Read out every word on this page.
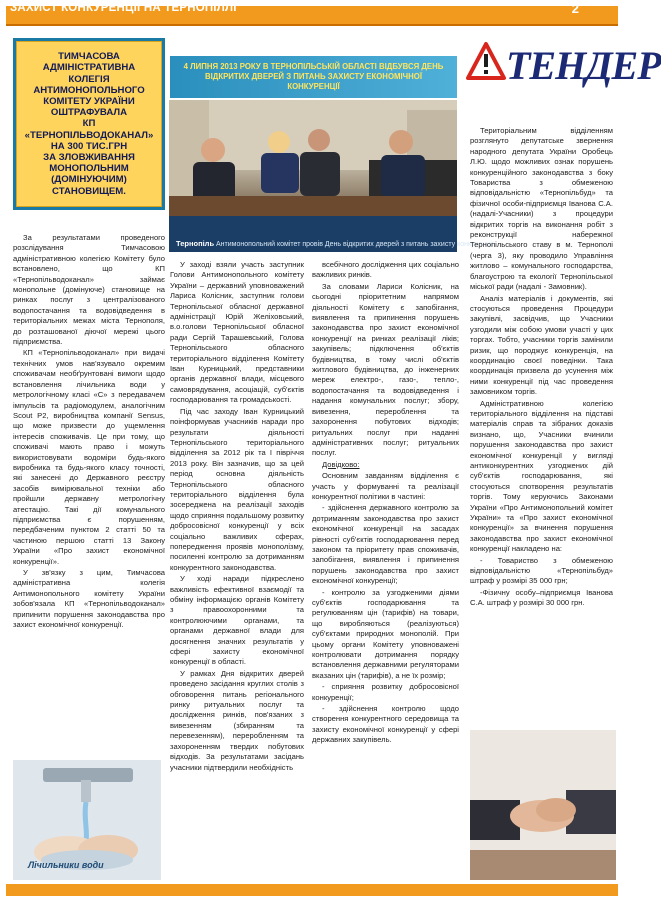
ЗАХИСТ КОНКУРЕНЦІЇ НА ТЕРНОПІЛЛІ	2
ТИМЧАСОВА
АДМІНІСТРАТИВНА КОЛЕГІЯ
АНТИМОНОПОЛЬНОГО
КОМІТЕТУ УКРАЇНИ
ОШТРАФУВАЛА
КП «ТЕРНОПІЛЬВОДОКАНАЛ»
НА 300 ТИС.ГРН
ЗА ЗЛОВЖИВАННЯ
МОНОПОЛЬНИМ
(ДОМІНУЮЧИМ)
СТАНОВИЩЕМ.

За результатами проведеного розслідування Тимчасовою адміністративною колегією Комітету було встановлено, що КП «Тернопільводоканал» займає монопольне (домінуюче) становище на ринках послуг з централізованого водопостачання та водовідведення в територіальних межах міста Тернополя, до розташованої діючої мережі цього підприємства.

КП «Тернопільводоканал» при видачі технічних умов нав'язувало окремим споживачам необґрунтовані вимоги щодо встановлення лічильника води у метрологічному класі «С» з передавачем імпульсів та радіомодулем, аналогічним Scout P2, виробництва компанії Sensus, що може призвести до ущемлення інтересів споживачів. Це при тому, що споживачі мають право і можуть використовувати водоміри будь-якого виробника та будь-якого класу точності, які занесені до Державного реєстру засобів вимірювальної техніки або пройшли державну метрологічну атестацію. Такі дії комунального підприємства є порушенням, передбаченим пунктом 2 статті 50 та частиною першою статті 13 Закону України «Про захист економічної конкуренції».

У зв'язку з цим, Тимчасова адміністративна колегія Антимонопольного комітету України зобов'язала КП «Тернопільводоканал» припинити порушення законодавства про захист економічної конкуренції.

Лічильники води
4 ЛИПНЯ 2013 РОКУ В ТЕРНОПІЛЬСЬКІЙ ОБЛАСТІ ВІДБУВСЯ ДЕНЬ
ВІДКРИТИХ ДВЕРЕЙ З ПИТАНЬ ЗАХИСТУ ЕКОНОМІЧНОЇ КОНКУРЕНЦІЇ
Тернопіль Антимонопольний комітет провів День відкритих дверей з питань захисту конкуренції

У заході взяли участь заступник Голови Антимонопольного комітету України – державний уповноважений Лариса Колісник, заступник голови Тернопільської обласної державної адміністрації Юрій Желіховський, в.о.голови Тернопільської обласної ради Сергій Тарашевський, Голова Тернопільського обласного територіального відділення Комітету Іван Курницький, представники органів державної влади, місцевого самоврядування, асоціацій, суб'єктів господарювання та громадськості.

Під час заходу Іван Курницький поінформував учасників наради про результати діяльності Тернопільського територіального відділення за 2012 рік та І півріччя 2013 року. Він зазначив, що за цей період основна діяльність Тернопільського обласного територіального відділення була зосереджена на реалізації заходів щодо сприяння подальшому розвитку добросовісної конкуренції у всіх соціально важливих сферах, попередження проявів монополізму, посиленні контролю за дотриманням конкурентного законодавства.

У ході наради підкреслено важливість ефективної взаємодії та обміну інформацією органів Комітету з правоохоронними та контролюючими органами, та органами державної влади для досягнення значних результатів у сфері захисту економічної конкуренції в області.

У рамках Дня відкритих дверей проведено засідання круглих столів з обговорення питань регіонального ринку ритуальних послуг та дослідження ринків, пов'язаних з вивезенням (збиранням та перевезенням), переробленням та захороненням твердих побутових відходів. За результатами засідань учасники підтвердили необхідність

всебічного дослідження цих соціально важливих ринків.

За словами Лариси Колісник, на сьогодні пріоритетним напрямом діяльності Комітету є запобігання, виявлення та припинення порушень законодавства про захист економічної конкуренції на ринках реалізації ліків; закупівель; підключення об'єктів будівництва, в тому числі об'єктів житлового будівництва, до інженерних мереж електро-, газо-, тепло-, водопостачання та водовідведення і надання комунальних послуг; збору, вивезення, перероблення та захоронення побутових відходів; ритуальних послуг при наданні адміністративних послуг; ритуальних послуг.

Довідково:

Основним завданням відділення є участь у формуванні та реалізації конкурентної політики в частині:

- здійснення державного контролю за дотриманням законодавства про захист економічної конкуренції на засадах рівності суб'єктів господарювання перед законом та пріоритету прав споживачів, запобігання, виявлення і припинення порушень законодавства про захист економічної конкуренції;

- контролю за узгодженими діями суб'єктів господарювання та регулюванням цін (тарифів) на товари, що виробляються (реалізуються) суб'єктами природних монополій. При цьому органи Комітету уповноважені контролювати дотримання порядку встановлення державними регуляторами вказаних цін (тарифів), а не їх розмір;

- сприяння розвитку добросовісної конкуренції;

- здійснення контролю щодо створення конкурентного середовища та захисту економічної конкуренції у сфері державних закупівель.

ТЕНДЕР

Територіальним відділенням розглянуто депутатське звернення народного депутата України Оробець Л.Ю. щодо можливих ознак порушень конкуренційного законодавства з боку Товариства з обмеженою відповідальністю «Тернопільбуд» та фізичної особи-підприємця Іванова С.А. (надалі-Учасники) з процедури відкритих торгів на виконання робіт з реконструкції набережної Тернопільського ставу в м. Тернополі (черга 3), яку проводило Управління житлово – комунального господарства, благоустрою та екології Тернопільської міської ради (надалі - Замовник).

Аналіз матеріалів і документів, які стосуються проведення Процедури закупівлі, засвідчив, що Учасники узгодили між собою умови участі у цих торгах. Тобто, учасники торгів замінили ризик, що породжує конкуренція, на координацію своєї поведінки. Така координація призвела до усунення між ними конкуренції під час проведення замовником торгів.

Адміністративною колегією територіального відділення на підставі матеріалів справ та зібраних доказів визнано, що, Учасники вчинили порушення законодавства про захист економічної конкуренції у вигляді антиконкурентних узгоджених дій суб'єктів господарювання, які стосуються спотворення результатів торгів. Тому керуючись Законами України «Про Антимонопольний комітет України» та «Про захист економічної конкуренції» за вчинення порушення законодавства про захист економічної конкуренції накладено на:

- Товариство з обмеженою відповідальністю «Тернопільбуд» штраф у розмірі 35 000 грн;

-Фізичну особу–підприємця Іванова С.А. штраф у розмірі 30 000 грн.
